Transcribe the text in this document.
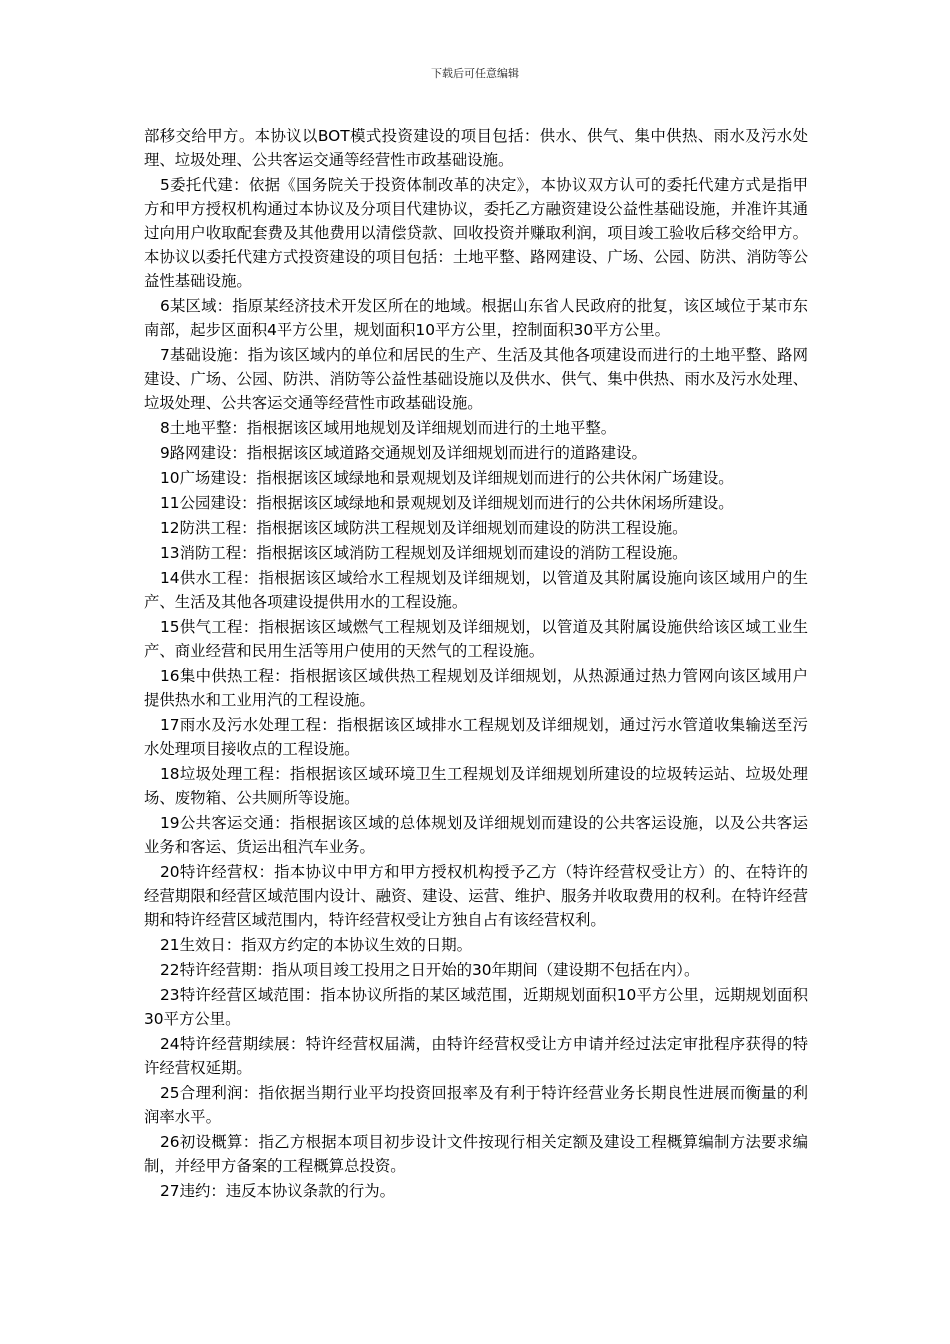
下载后可任意编辑

部移交给甲方。本协议以BOT模式投资建设的项目包括：供水、供气、集中供热、雨水及污水处理、垃圾处理、公共客运交通等经营性市政基础设施。

5委托代建：依据《国务院关于投资体制改革的决定》，本协议双方认可的委托代建方式是指甲方和甲方授权机构通过本协议及分项目代建协议，委托乙方融资建设公益性基础设施，并准许其通过向用户收取配套费及其他费用以清偿贷款、回收投资并赚取利润，项目竣工验收后移交给甲方。本协议以委托代建方式投资建设的项目包括：土地平整、路网建设、广场、公园、防洪、消防等公益性基础设施。

6某区域：指原某经济技术开发区所在的地域。根据山东省人民政府的批复，该区域位于某市东南部，起步区面积4平方公里，规划面积10平方公里，控制面积30平方公里。

7基础设施：指为该区域内的单位和居民的生产、生活及其他各项建设而进行的土地平整、路网建设、广场、公园、防洪、消防等公益性基础设施以及供水、供气、集中供热、雨水及污水处理、垃圾处理、公共客运交通等经营性市政基础设施。

8土地平整：指根据该区域用地规划及详细规划而进行的土地平整。

9路网建设：指根据该区域道路交通规划及详细规划而进行的道路建设。

10广场建设：指根据该区域绿地和景观规划及详细规划而进行的公共休闲广场建设。

11公园建设：指根据该区域绿地和景观规划及详细规划而进行的公共休闲场所建设。

12防洪工程：指根据该区域防洪工程规划及详细规划而建设的防洪工程设施。

13消防工程：指根据该区域消防工程规划及详细规划而建设的消防工程设施。

14供水工程：指根据该区域给水工程规划及详细规划，以管道及其附属设施向该区域用户的生产、生活及其他各项建设提供用水的工程设施。

15供气工程：指根据该区域燃气工程规划及详细规划，以管道及其附属设施供给该区域工业生产、商业经营和民用生活等用户使用的天然气的工程设施。

16集中供热工程：指根据该区域供热工程规划及详细规划，从热源通过热力管网向该区域用户提供热水和工业用汽的工程设施。

17雨水及污水处理工程：指根据该区域排水工程规划及详细规划，通过污水管道收集输送至污水处理项目接收点的工程设施。

18垃圾处理工程：指根据该区域环境卫生工程规划及详细规划所建设的垃圾转运站、垃圾处理场、废物箱、公共厕所等设施。

19公共客运交通：指根据该区域的总体规划及详细规划而建设的公共客运设施，以及公共客运业务和客运、货运出租汽车业务。

20特许经营权：指本协议中甲方和甲方授权机构授予乙方（特许经营权受让方）的、在特许的经营期限和经营区域范围内设计、融资、建设、运营、维护、服务并收取费用的权利。在特许经营期和特许经营区域范围内，特许经营权受让方独自占有该经营权利。

21生效日：指双方约定的本协议生效的日期。

22特许经营期：指从项目竣工投用之日开始的30年期间（建设期不包括在内）。

23特许经营区域范围：指本协议所指的某区域范围，近期规划面积10平方公里，远期规划面积30平方公里。

24特许经营期续展：特许经营权届满，由特许经营权受让方申请并经过法定审批程序获得的特许经营权延期。

25合理利润：指依据当期行业平均投资回报率及有利于特许经营业务长期良性进展而衡量的利润率水平。

26初设概算：指乙方根据本项目初步设计文件按现行相关定额及建设工程概算编制方法要求编制，并经甲方备案的工程概算总投资。

27违约：违反本协议条款的行为。
